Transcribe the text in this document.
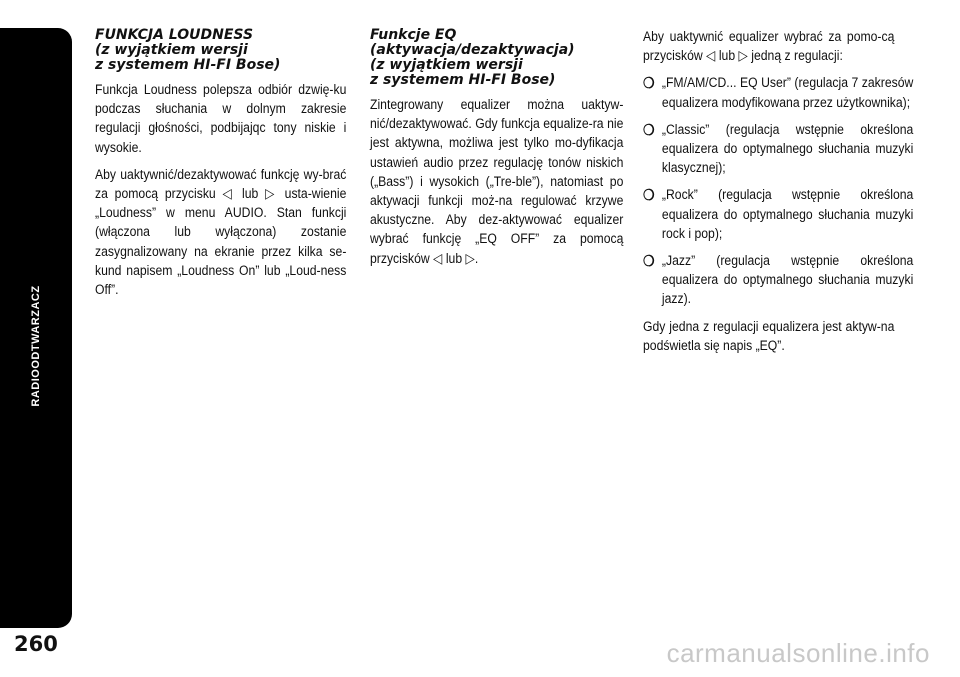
RADIOODTWARZACZ
260
FUNKCJA LOUDNESS
(z wyjątkiem wersji
z systemem HI-FI Bose)

Funkcja Loudness polepsza odbiór dzwię-ku podczas słuchania w dolnym zakresie regulacji głośności, podbijajqc tony niskie i wysokie.

Aby uaktywnić/dezaktywować funkcję wy-brać za pomocą przycisku ◁ lub ▷ usta-wienie „Loudness” w menu AUDIO. Stan funkcji (włączona lub wyłączona) zostanie zasygnalizowany na ekranie przez kilka se-kund napisem „Loudness On” lub „Loud-ness Off”.

Funkcje EQ
(aktywacja/dezaktywacja)
(z wyjątkiem wersji
z systemem HI-FI Bose)

Zintegrowany equalizer można uaktyw-nić/dezaktywować. Gdy funkcja equalize-ra nie jest aktywna, możliwa jest tylko mo-dyfikacja ustawień audio przez regulację tonów niskich („Bass”) i wysokich („Tre-ble”), natomiast po aktywacji funkcji moż-na regulować krzywe akustyczne. Aby dez-aktywować equalizer wybrać funkcję „EQ OFF” za pomocą przycisków ◁ lub ▷.

Aby uaktywnić equalizer wybrać za pomo-cą przycisków ◁ lub ▷ jedną z regulacji:

❍ „FM/AM/CD... EQ User” (regulacja 7 zakresów equalizera modyfikowana przez użytkownika);
❍ „Classic” (regulacja wstępnie określona equalizera do optymalnego słuchania muzyki klasycznej);
❍ „Rock” (regulacja wstępnie określona equalizera do optymalnego słuchania muzyki rock i pop);
❍ „Jazz” (regulacja wstępnie określona equalizera do optymalnego słuchania muzyki jazz).

Gdy jedna z regulacji equalizera jest aktyw-na podświetla się napis „EQ”.

carmanualsonline.info
